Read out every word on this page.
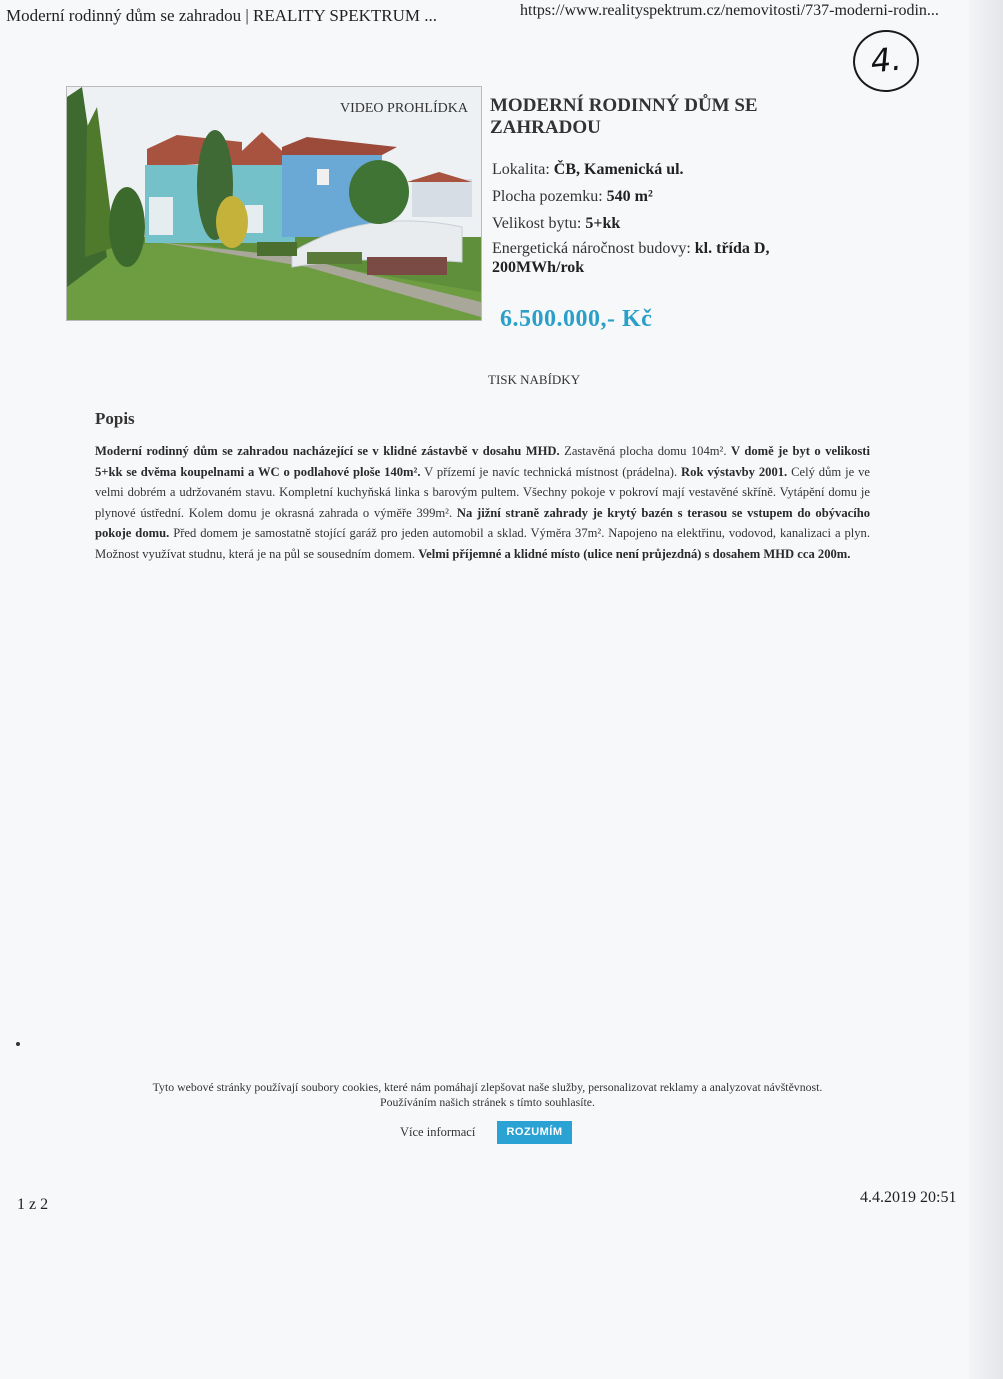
Moderní rodinný dům se zahradou | REALITY SPEKTRUM ...	https://www.realityspektrum.cz/nemovitosti/737-moderni-rodin...
4.
VIDEO PROHLÍDKA MODERNÍ RODINNÝ DŮM SE ZAHRADOU
Lokalita: ČB, Kamenická ul.
Plocha pozemku: 540 m²
Velikost bytu: 5+kk
Energetická náročnost budovy: kl. třída D, 200MWh/rok
6.500.000,- Kč
TISK NABÍDKY
Popis

Moderní rodinný dům se zahradou nacházející se v klidné zástavbě v dosahu MHD. Zastavěná plocha domu 104m². V domě je byt o velikosti 5+kk se dvěma koupelnami a WC o podlahové ploše 140m². V přízemí je navíc technická místnost (prádelna). Rok výstavby 2001. Celý dům je ve velmi dobrém a udržovaném stavu. Kompletní kuchyňská linka s barovým pultem. Všechny pokoje v pokroví mají vestavěné skříně. Vytápění domu je plynové ústřední. Kolem domu je okrasná zahrada o výměře 399m². Na jižní straně zahrady je krytý bazén s terasou se vstupem do obývacího pokoje domu. Před domem je samostatně stojící garáž pro jeden automobil a sklad. Výměra 37m². Napojeno na elektřinu, vodovod, kanalizaci a plyn. Možnost využívat studnu, která je na půl se sousedním domem. Velmi příjemné a klidné místo (ulice není průjezdná) s dosahem MHD cca 200m.

Tyto webové stránky používají soubory cookies, které nám pomáhají zlepšovat naše služby, personalizovat reklamy a analyzovat návštěvnost.
Používáním našich stránek s tímto souhlasíte.

Více informací	ROZUMÍM
1 z 2	4.4.2019 20:51
